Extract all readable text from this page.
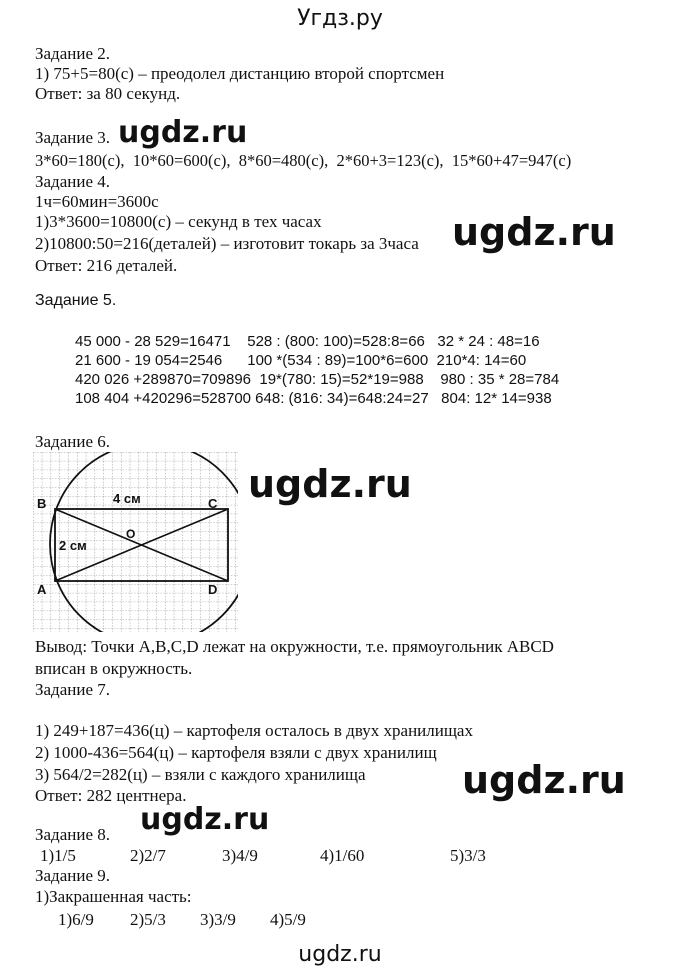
Угдз.ру
Задание 2.
1) 75+5=80(с) – преодолел дистанцию второй спортсмен
Ответ: за 80 секунд.
Задание 3. ugdz.ru
3*60=180(с),  10*60=600(с),  8*60=480(с),  2*60+3=123(с),  15*60+47=947(с)
Задание 4.
1ч=60мин=3600с
1)3*3600=10800(с) – секунд в тех часах
2)10800:50=216(деталей) – изготовит токарь за 3часа ugdz.ru
Ответ: 216 деталей.
Задание 5.
45 000 - 28 529=16471    528 : (800: 100)=528:8=66   32 * 24 : 48=16
21 600 - 19 054=2546      100 *(534 : 89)=100*6=600  210*4: 14=60
420 026 +289870=709896  19*(780: 15)=52*19=988    980 : 35 * 28=784
108 404 +420296=528700 648: (816: 34)=648:24=27   804: 12* 14=938
Задание 6.
ugdz.ru
B	C
A	D
O
4 см
2 см
Вывод: Точки A,B,C,D лежат на окружности, т.е. прямоугольник ABCD
вписан в окружность.
Задание 7.
1) 249+187=436(ц) – картофеля осталось в двух хранилищах
2) 1000-436=564(ц) – картофеля взяли с двух хранилищ
3) 564/2=282(ц) – взяли с каждого хранилища	ugdz.ru
Ответ: 282 центнера.
ugdz.ru
Задание 8.
1)1/5	2)2/7	3)4/9	4)1/60	5)3/3
Задание 9.
1)Закрашенная часть:
1)6/9 2)5/3 3)3/9 4)5/9
ugdz.ru
